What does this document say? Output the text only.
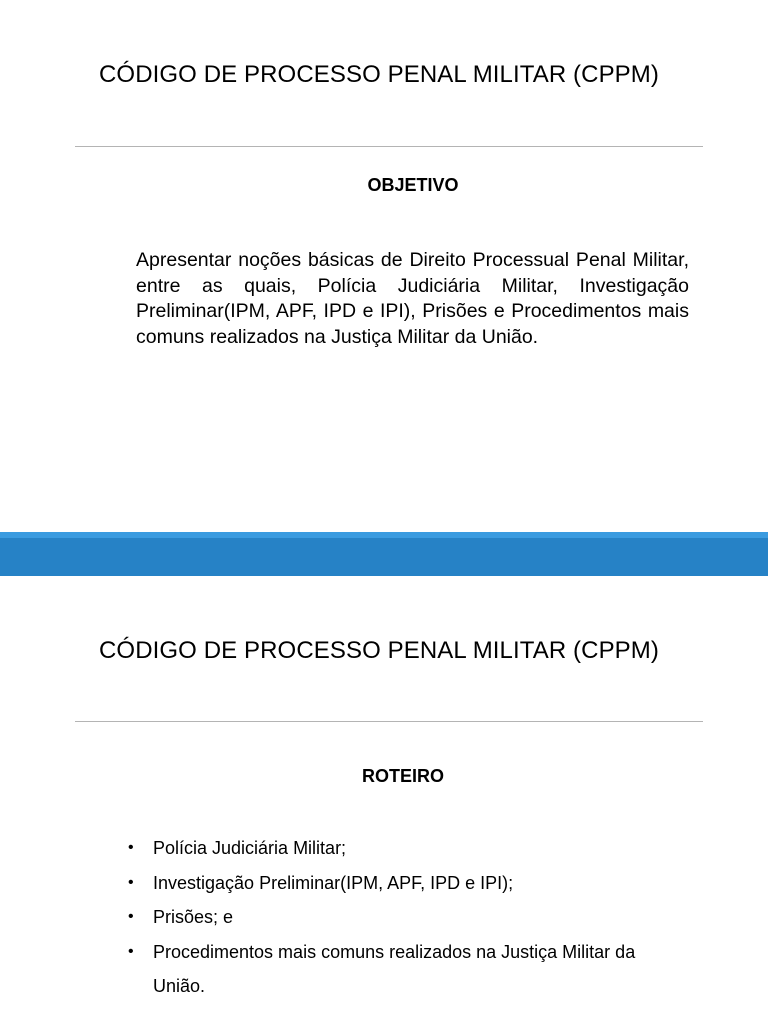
CÓDIGO DE PROCESSO PENAL MILITAR (CPPM)
OBJETIVO

Apresentar noções básicas de Direito Processual Penal Militar, entre as quais, Polícia Judiciária Militar, Investigação Preliminar(IPM, APF, IPD e IPI), Prisões e Procedimentos mais comuns realizados na Justiça Militar da União.

CÓDIGO DE PROCESSO PENAL MILITAR (CPPM)
ROTEIRO
• Polícia Judiciária Militar;
• Investigação Preliminar(IPM, APF, IPD e IPI);
• Prisões; e
• Procedimentos mais comuns realizados na Justiça Militar da União.
